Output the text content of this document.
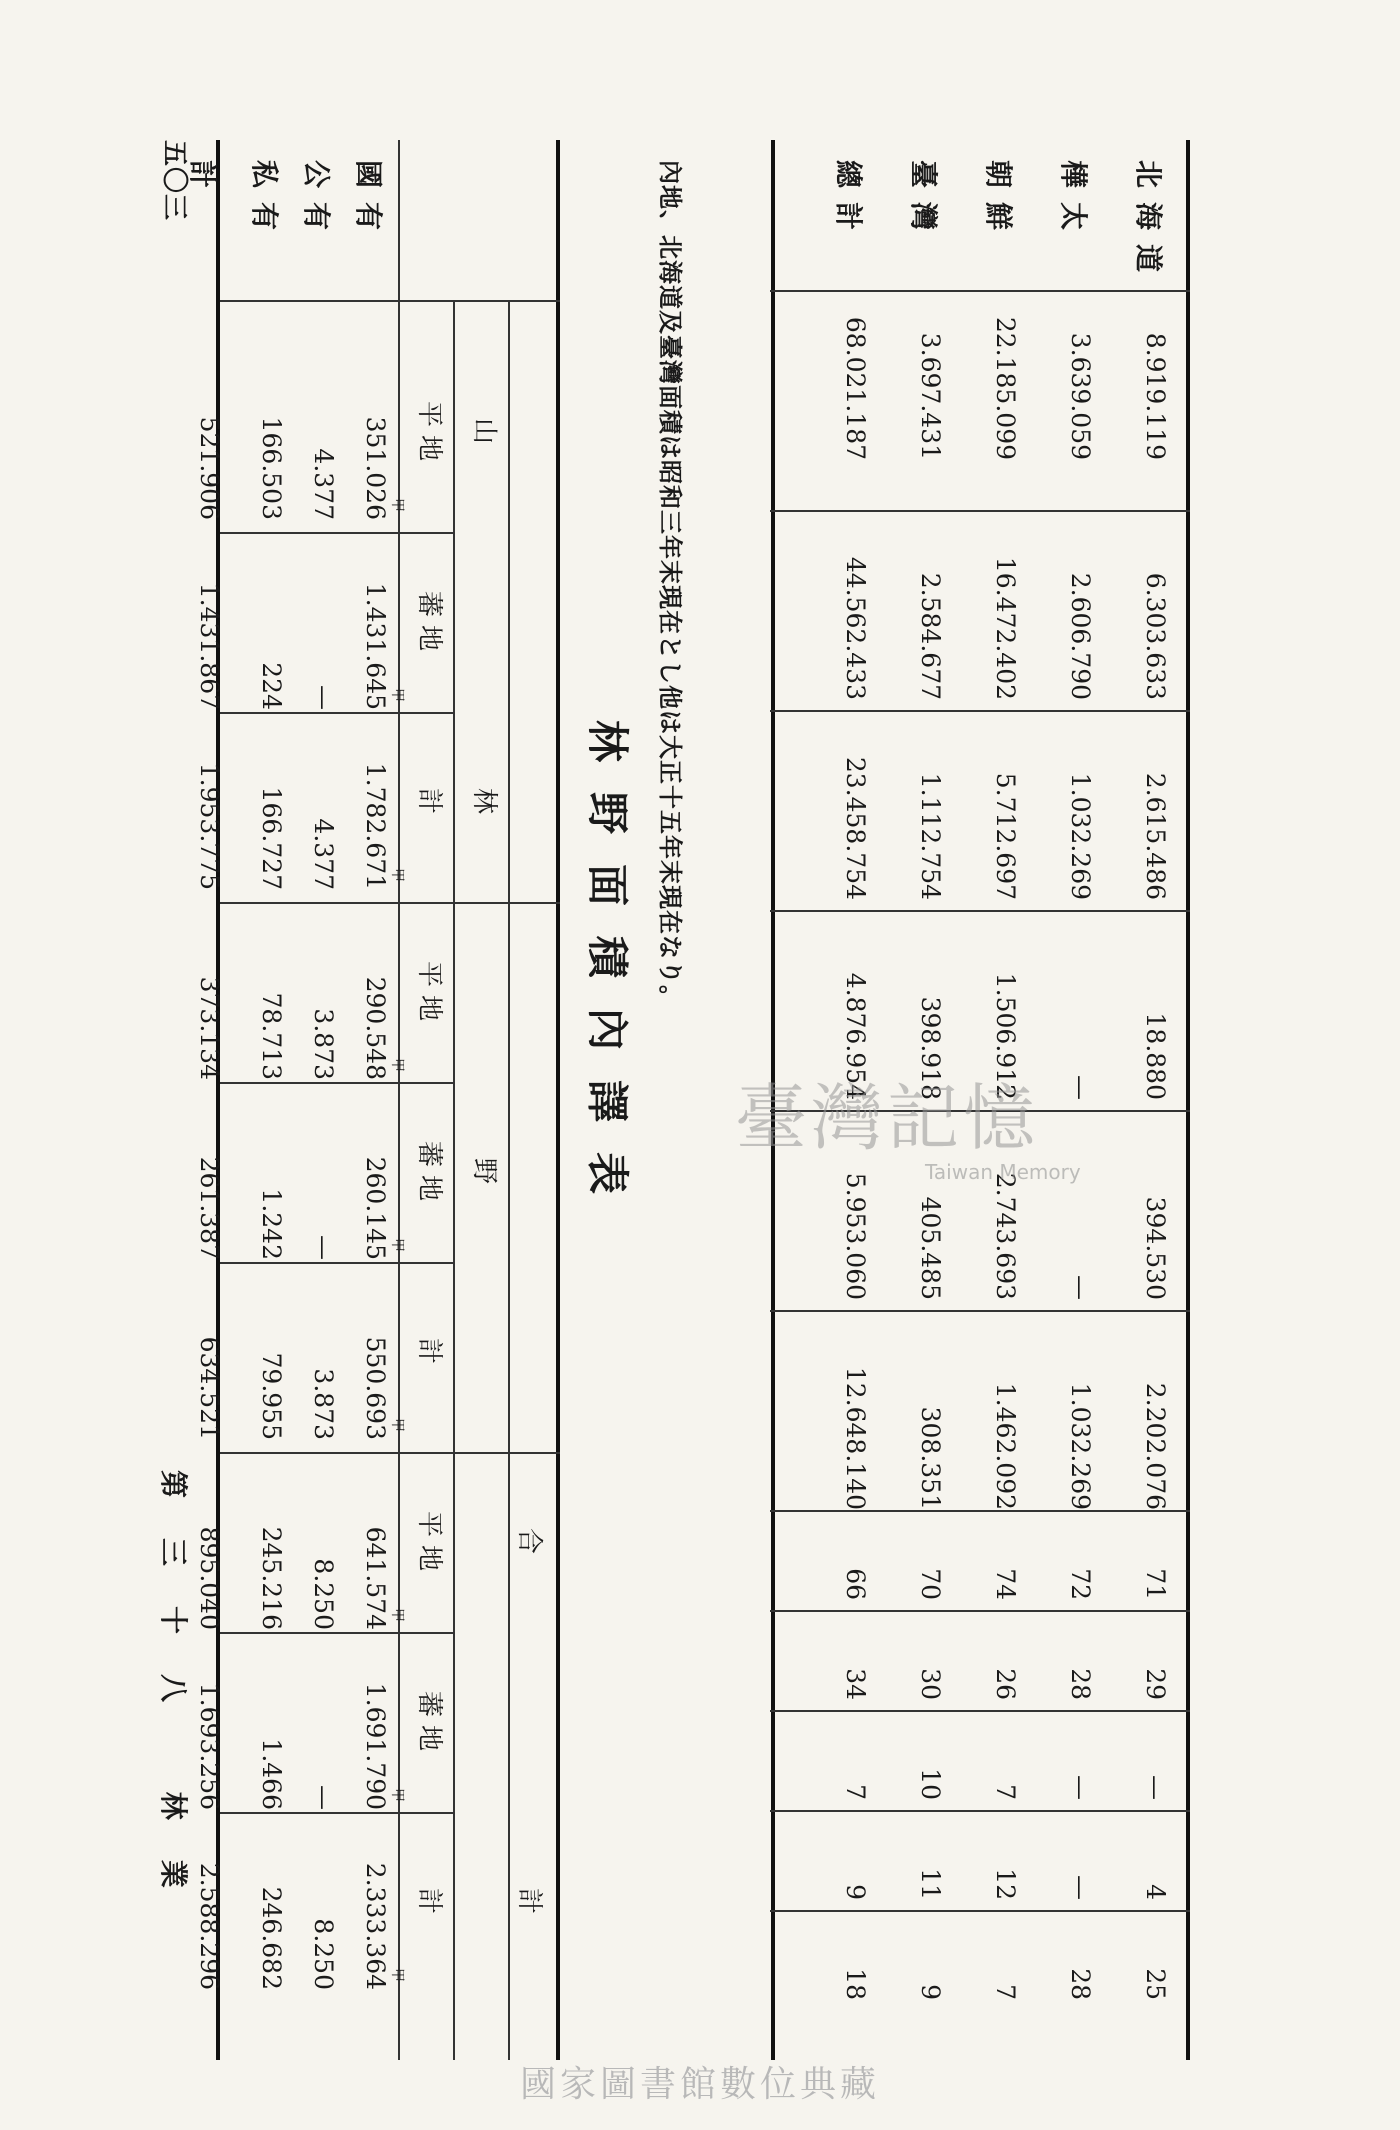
北海道
8.919.119
6.303.633
2.615.486
18.880
394.530
2.202.076
71
29
—
4
25
樺太
3.639.059
2.606.790
1.032.269
—
—
1.032.269
72
28
—
—
28
朝鮮
22.185.099
16.472.402
5.712.697
1.506.912
2.743.693
1.462.092
74
26
7
12
7
臺灣
3.697.431
2.584.677
1.112.754
398.918
405.485
308.351
70
30
10
11
9
總計
68.021.187
44.562.433
23.458.754
4.876.954
5.953.060
12.648.140
66
34
7
9
18
內地、北海道及臺灣面積は昭和三年末現在とし他は大正十五年末現在なり。
林野面積內譯表
山
林
野
合
計
平地
蕃地
計
平地
蕃地
計
平地
蕃地
計
國有
351.026 甲
1.431.645 甲
1.782.671 甲
290.548 甲
260.145 甲
550.693 甲
641.574 甲
1.691.790 甲
2.333.364 甲
公有
4.377
—
4.377
3.873
—
3.873
8.250
—
8.250
私有
166.503
224
166.727
78.713
1.242
79.955
245.216
1.466
246.682
計
521.906
1.431.867
1.953.775
373.134
261.387
634.521
895.040
1.693.256
2.588.296
第三十八 林業
五〇三
臺灣記憶
Taiwan Memory
國家圖書館數位典藏
